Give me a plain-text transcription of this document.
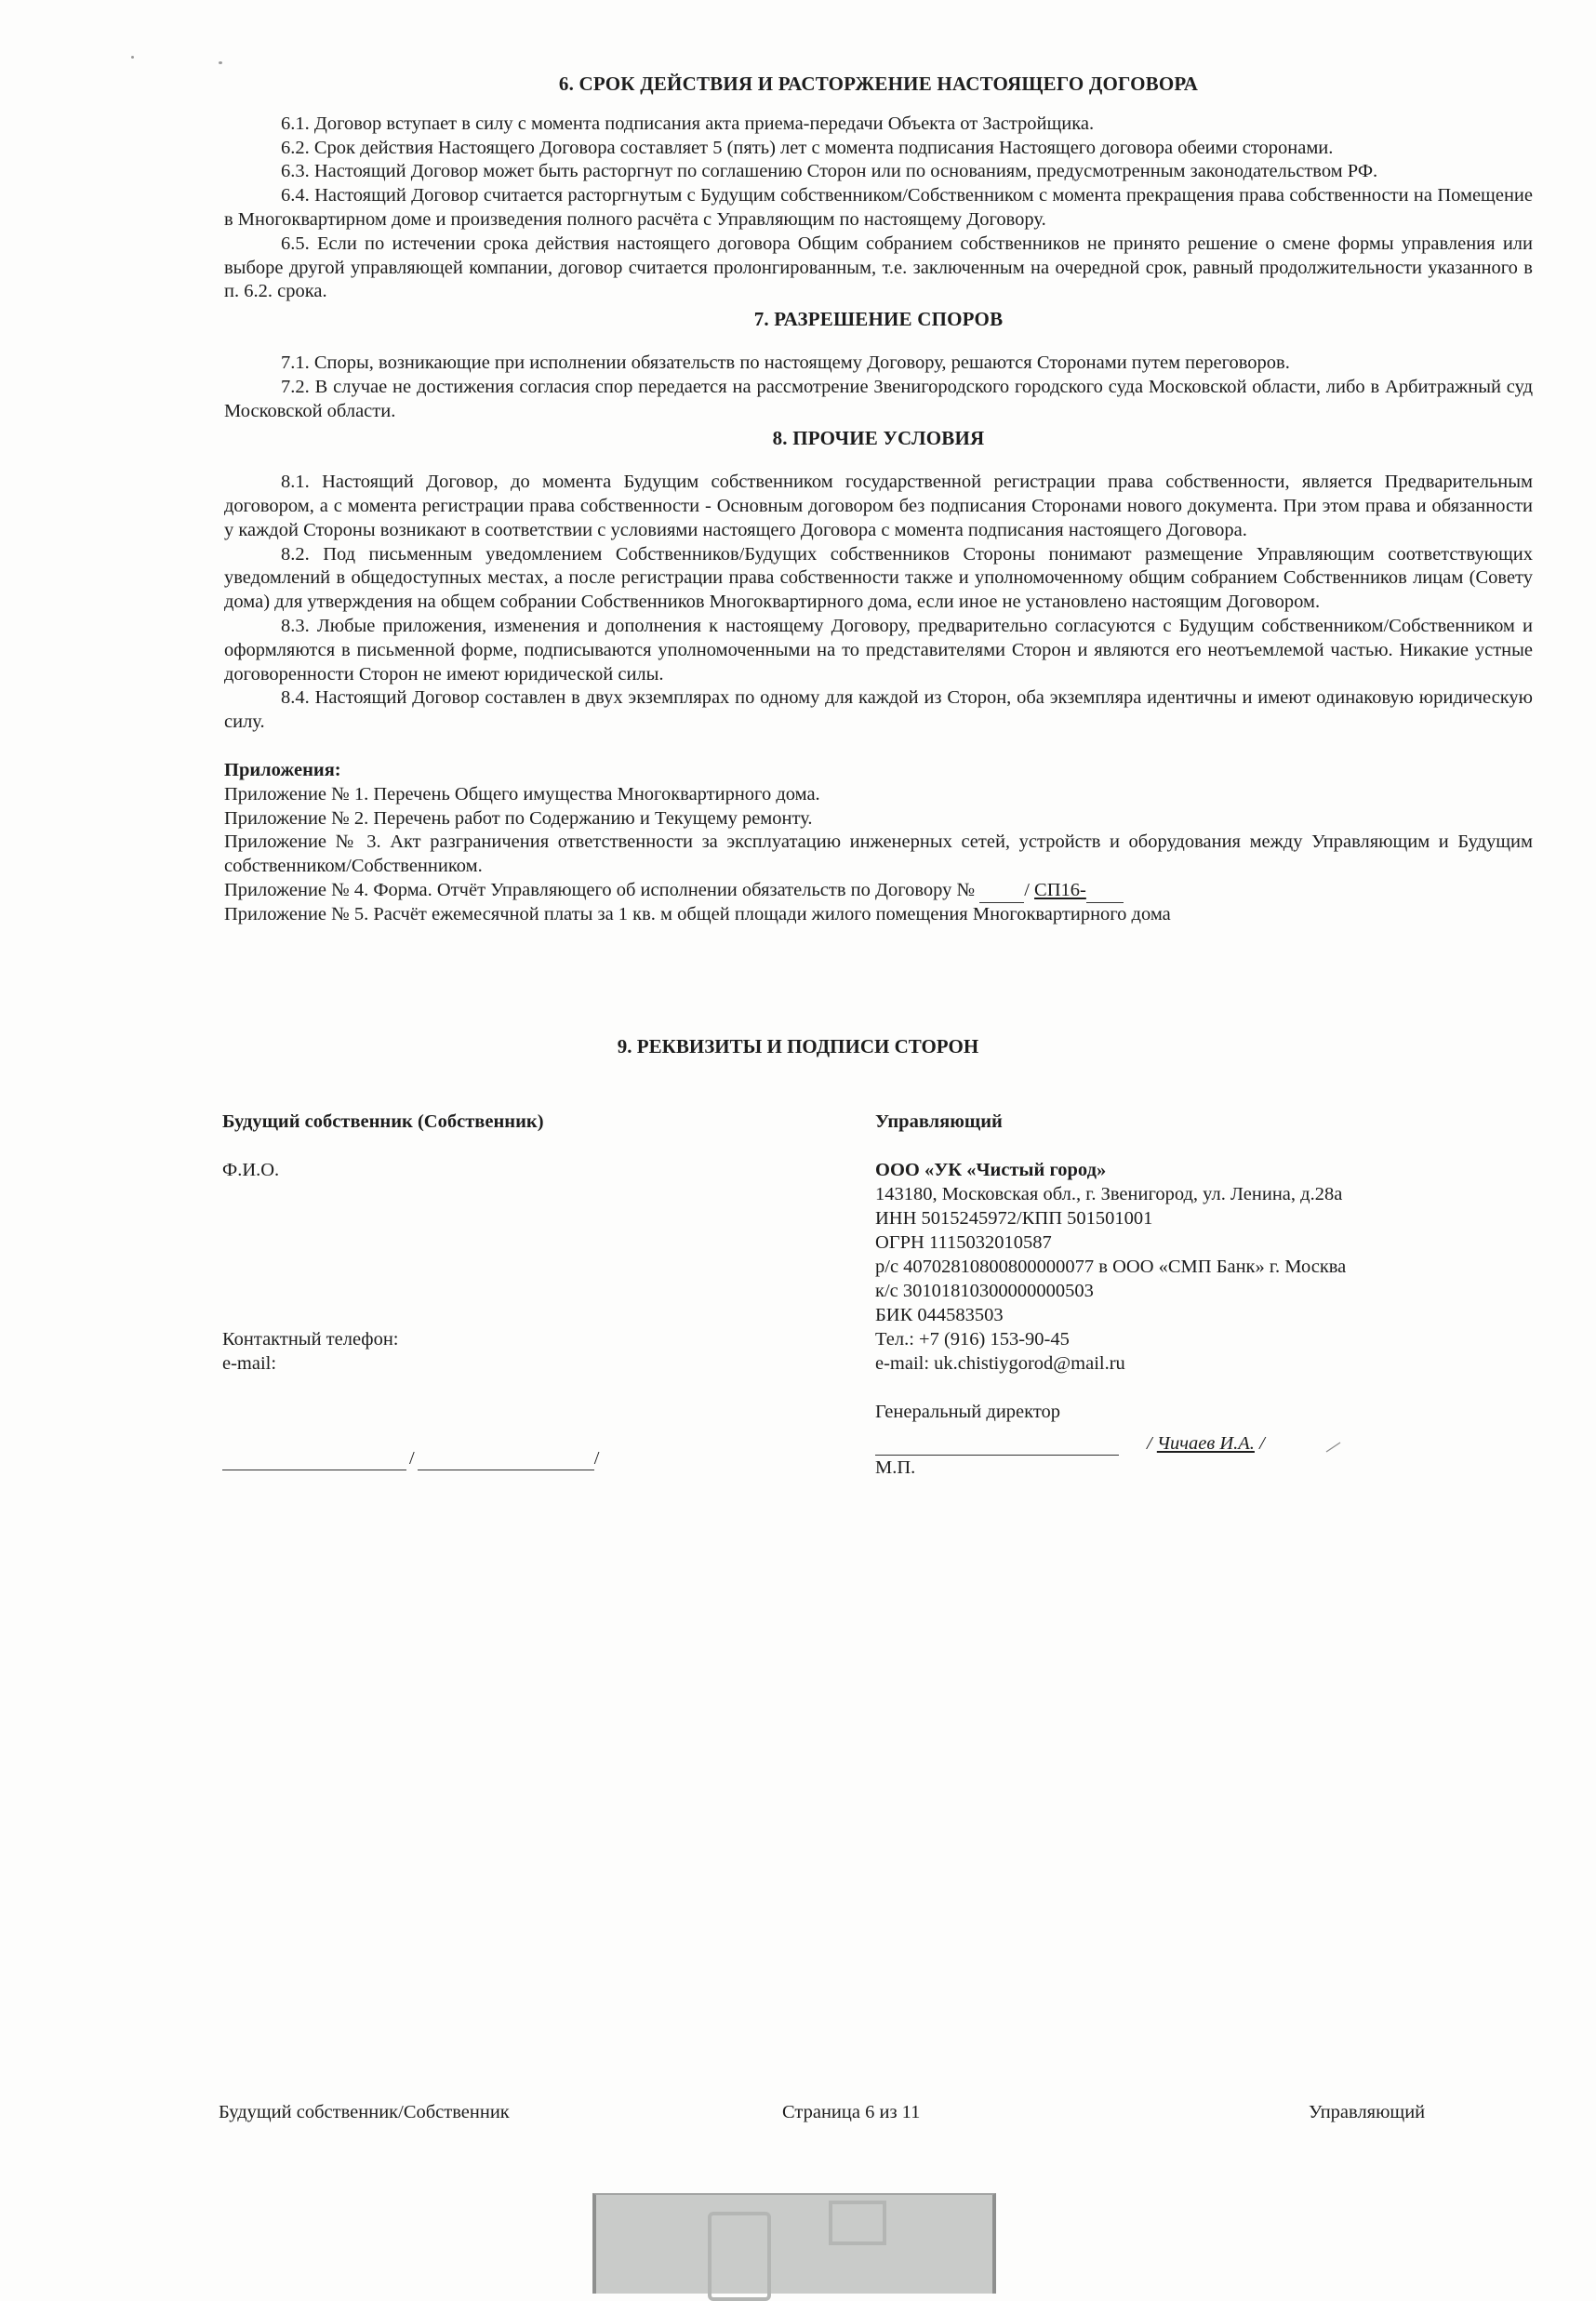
6. СРОК ДЕЙСТВИЯ И РАСТОРЖЕНИЕ НАСТОЯЩЕГО ДОГОВОРА

6.1. Договор вступает в силу с момента подписания акта приема-передачи Объекта от Застройщика.

6.2. Срок действия Настоящего Договора составляет 5 (пять) лет с момента подписания Настоящего договора обеими сторонами.

6.3. Настоящий Договор может быть расторгнут по соглашению Сторон или по основаниям, предусмотренным законодательством РФ.

6.4. Настоящий Договор считается расторгнутым с Будущим собственником/Собственником с момента прекращения права собственности на Помещение в Многоквартирном доме и произведения полного расчёта с Управляющим по настоящему Договору.

6.5. Если по истечении срока действия настоящего договора Общим собранием собственников не принято решение о смене формы управления или выборе другой управляющей компании, договор считается пролонгированным, т.е. заключенным на очередной срок, равный продолжительности указанного в п. 6.2. срока.

7. РАЗРЕШЕНИЕ СПОРОВ

7.1. Споры, возникающие при исполнении обязательств по настоящему Договору, решаются Сторонами путем переговоров.

7.2. В случае не достижения согласия спор передается на рассмотрение Звенигородского городского суда Московской области, либо в Арбитражный суд Московской области.

8. ПРОЧИЕ УСЛОВИЯ

8.1. Настоящий Договор, до момента Будущим собственником государственной регистрации права собственности, является Предварительным договором, а с момента регистрации права собственности - Основным договором без подписания Сторонами нового документа. При этом права и обязанности у каждой Стороны возникают в соответствии с условиями настоящего Договора с момента подписания настоящего Договора.

8.2. Под письменным уведомлением Собственников/Будущих собственников Стороны понимают размещение Управляющим соответствующих уведомлений в общедоступных местах, а после регистрации права собственности также и уполномоченному общим собранием Собственников лицам (Совету дома) для утверждения на общем собрании Собственников Многоквартирного дома, если иное не установлено настоящим Договором.

8.3. Любые приложения, изменения и дополнения к настоящему Договору, предварительно согласуются с Будущим собственником/Собственником и оформляются в письменной форме, подписываются уполномоченными на то представителями Сторон и являются его неотъемлемой частью. Никакие устные договоренности Сторон не имеют юридической силы.

8.4. Настоящий Договор составлен в двух экземплярах по одному для каждой из Сторон, оба экземпляра идентичны и имеют одинаковую юридическую силу.

Приложения:

Приложение № 1. Перечень Общего имущества Многоквартирного дома.

Приложение № 2. Перечень работ по Содержанию и Текущему ремонту.

Приложение № 3. Акт разграничения ответственности за эксплуатацию инженерных сетей, устройств и оборудования между Управляющим и Будущим собственником/Собственником.

Приложение № 4. Форма. Отчёт Управляющего об исполнении обязательств по Договору №	/ СП16-

Приложение № 5. Расчёт ежемесячной платы за 1 кв. м общей площади жилого помещения Многоквартирного дома

9. РЕКВИЗИТЫ И ПОДПИСИ СТОРОН
Будущий собственник (Собственник)
Ф.И.О.
Контактный телефон:
e-mail:
/	/
Управляющий
ООО «УК «Чистый город»
143180, Московская обл., г. Звенигород, ул. Ленина, д.28а
ИНН 5015245972/КПП 501501001
ОГРН 1115032010587
р/с 40702810800800000077 в ООО «СМП Банк» г. Москва
к/с 30101810300000000503
БИК 044583503
Тел.: +7 (916) 153-90-45
e-mail: uk.chistiygorod@mail.ru
Генеральный директор
/ Чичаев И.А. /
М.П.
Будущий собственник/Собственник	Страница 6 из 11	Управляющий
